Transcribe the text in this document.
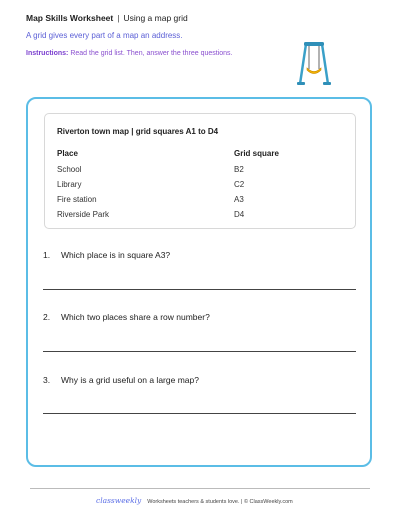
Map Skills Worksheet | Using a map grid
A grid gives every part of a map an address.
Instructions: Read the grid list. Then, answer the three questions.
Riverton town map | grid squares A1 to D4
Place	Grid square
School	B2
Library	C2
Fire station	A3
Riverside Park	D4
1. Which place is in square A3?
2. Which two places share a row number?
3. Why is a grid useful on a large map?
classweekly Worksheets teachers & students love. | © ClassWeekly.com
